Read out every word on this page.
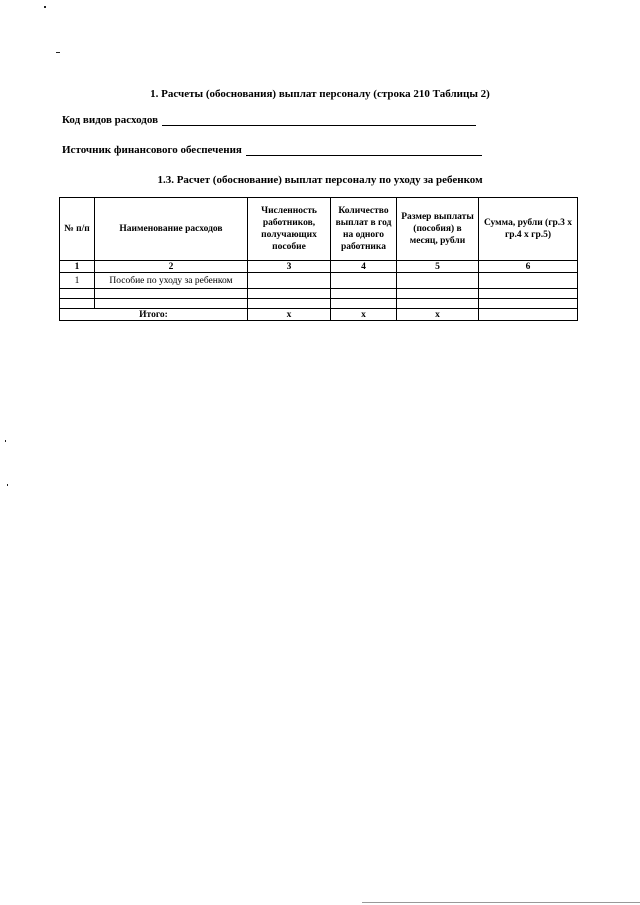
1. Расчеты (обоснования) выплат персоналу (строка 210 Таблицы 2)
Код видов расходов
Источник финансового обеспечения
1.3. Расчет (обоснование) выплат персоналу по уходу за ребенком
№ п/п	Наименование расходов	Численность работников, получающих пособие	Количество выплат в год на одного работника	Размер выплаты (пособия) в месяц, рубли	Сумма, рубли (гр.3 х гр.4 х гр.5)
1	2	3	4	5	6
1	Пособие по уходу за ребенком				

Итого:		x	x	x	
